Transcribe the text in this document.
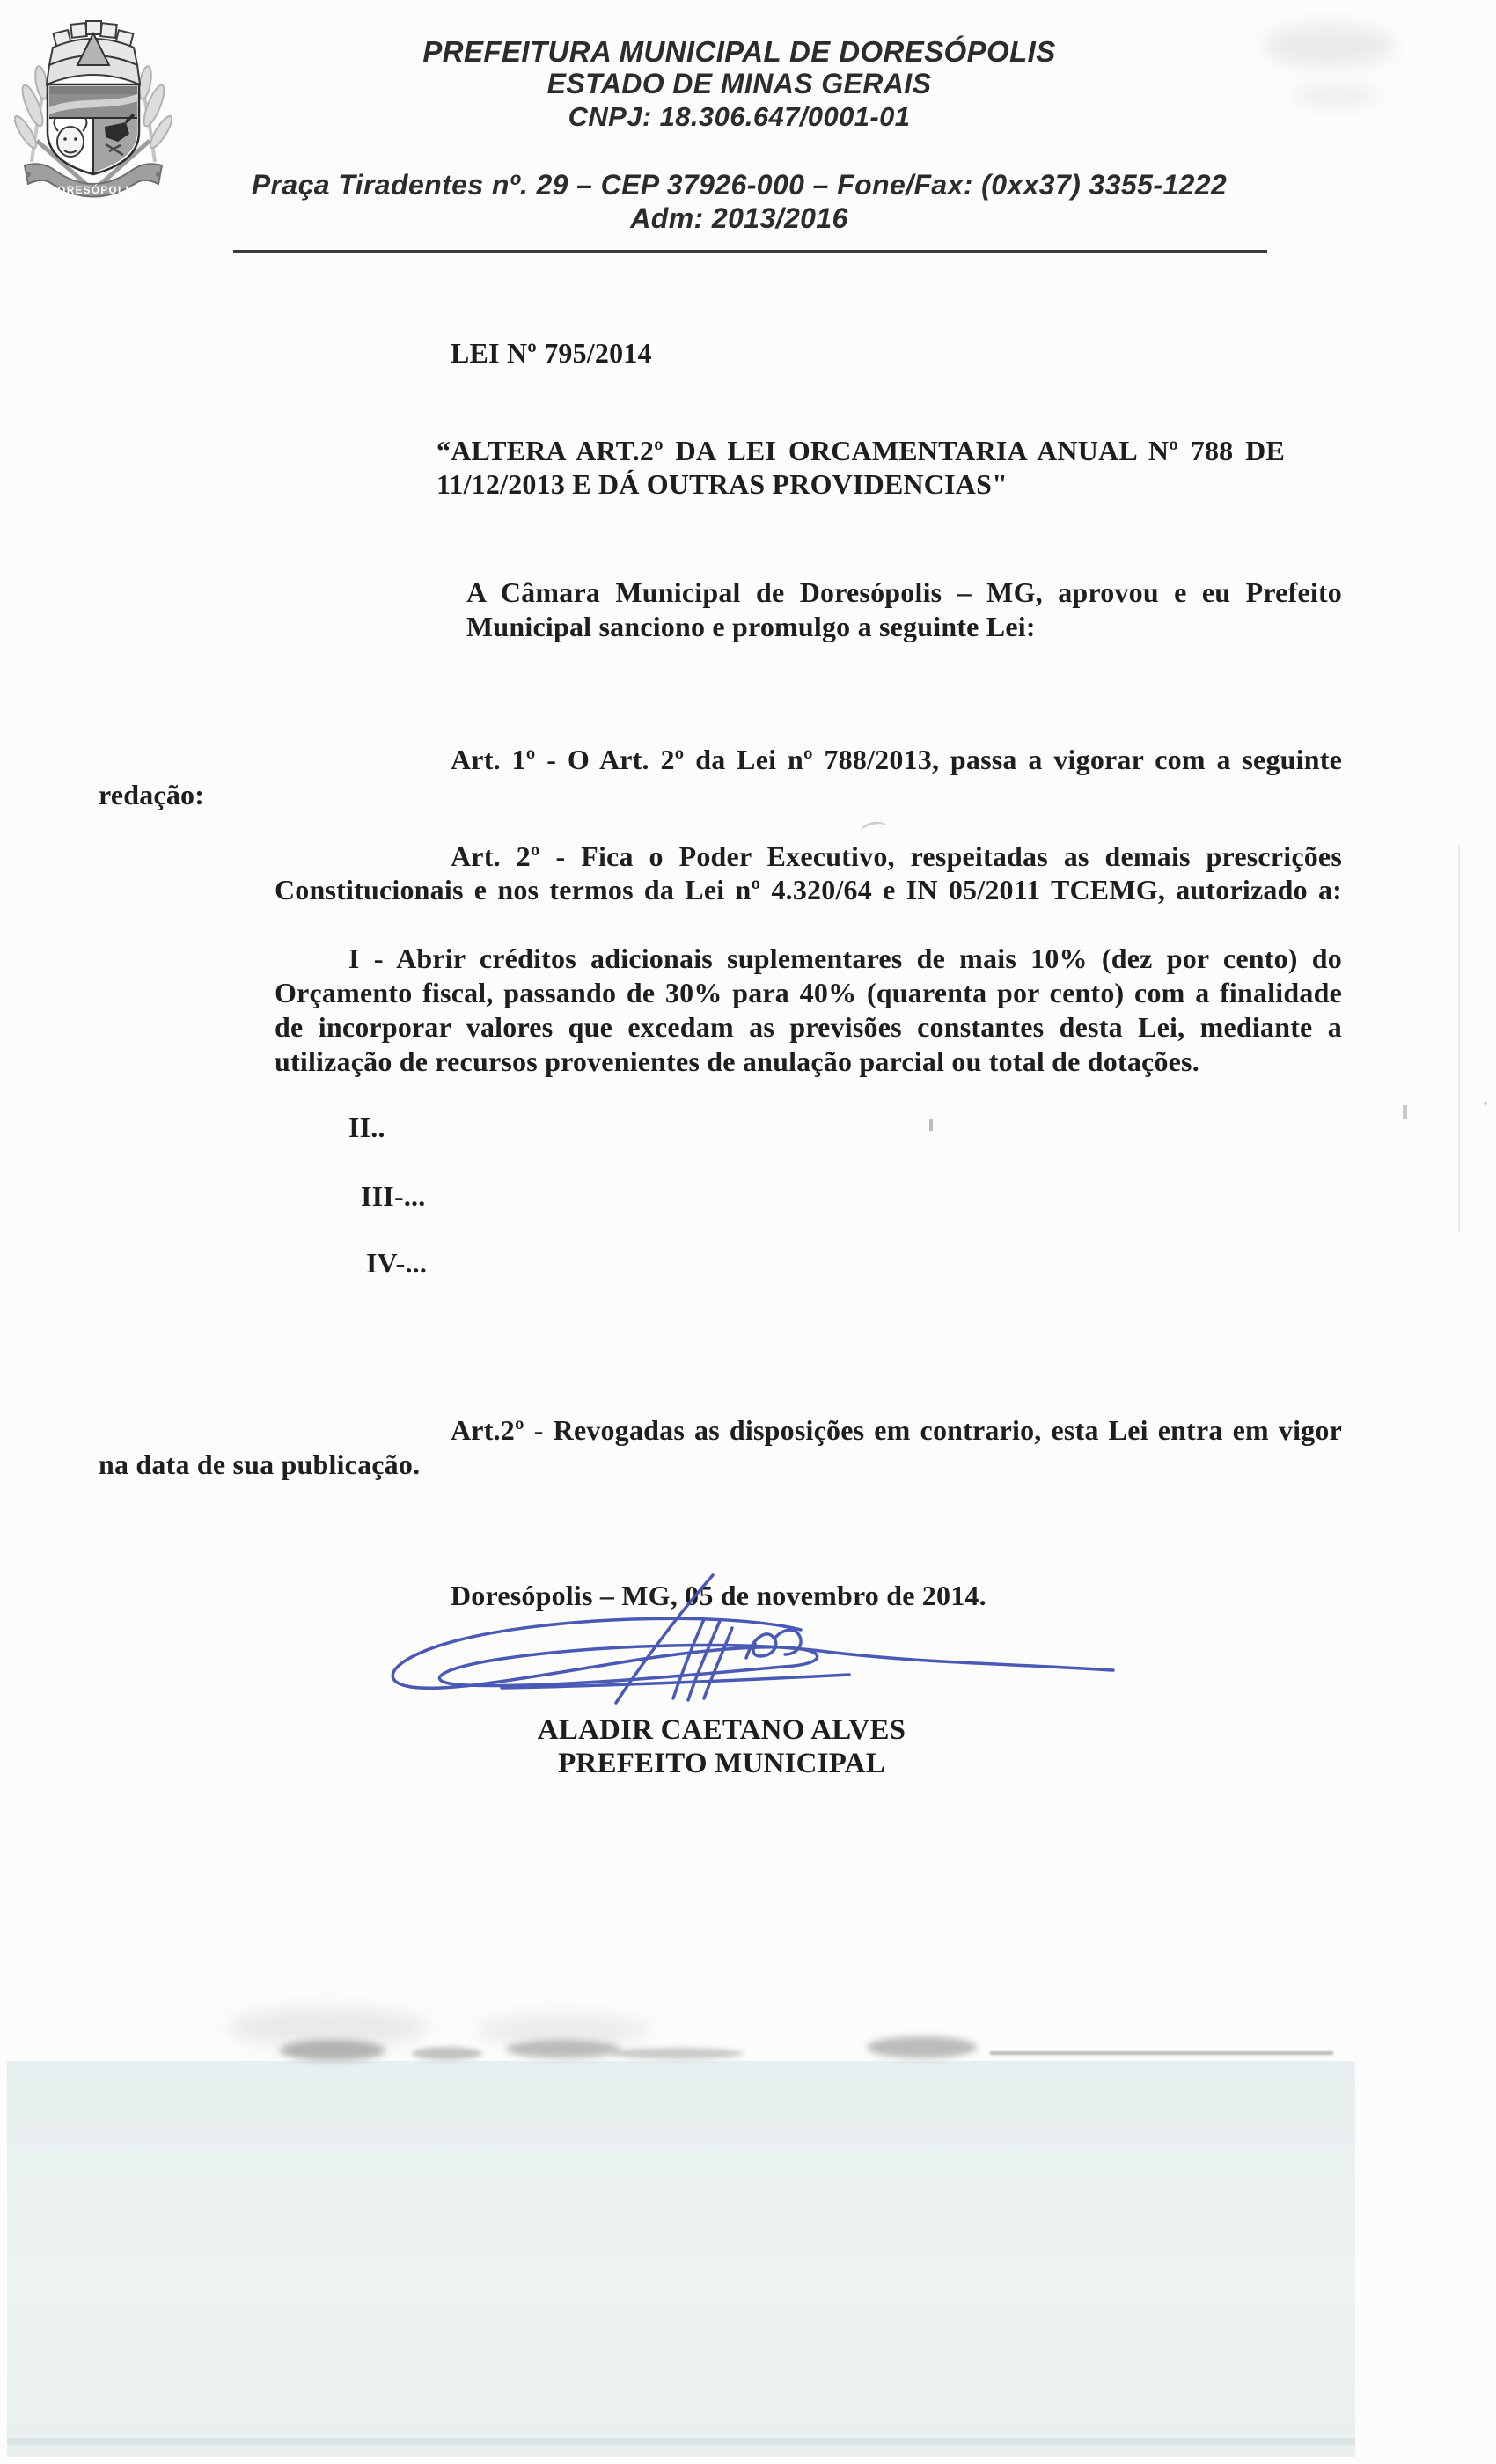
DORESÓPOLIS
PREFEITURA MUNICIPAL DE DORESÓPOLIS
ESTADO DE MINAS GERAIS
CNPJ: 18.306.647/0001-01
Praça Tiradentes nº. 29 – CEP 37926-000 – Fone/Fax: (0xx37) 3355-1222
Adm: 2013/2016
LEI Nº 795/2014
“ALTERA ART.2º DA LEI ORCAMENTARIA ANUAL Nº 788 DE
11/12/2013 E DÁ OUTRAS PROVIDENCIAS"
A Câmara Municipal de Doresópolis – MG, aprovou e eu Prefeito
Municipal sanciono e promulgo a seguinte Lei:
Art. 1º - O Art. 2º da Lei nº 788/2013, passa a vigorar com a seguinte
redação:
Art. 2º - Fica o Poder Executivo, respeitadas as demais prescrições
Constitucionais e nos termos da Lei nº 4.320/64 e IN 05/2011 TCEMG, autorizado a:
I - Abrir créditos adicionais suplementares de mais 10% (dez por cento) do
Orçamento fiscal, passando de 30% para 40% (quarenta por cento) com a finalidade
de incorporar valores que excedam as previsões constantes desta Lei, mediante a
utilização de recursos provenientes de anulação parcial ou total de dotações.
II..
III-...
IV-...
Art.2º - Revogadas as disposições em contrario, esta Lei entra em vigor
na data de sua publicação.
Doresópolis – MG, 05 de novembro de 2014.
ALADIR CAETANO ALVES
PREFEITO MUNICIPAL
